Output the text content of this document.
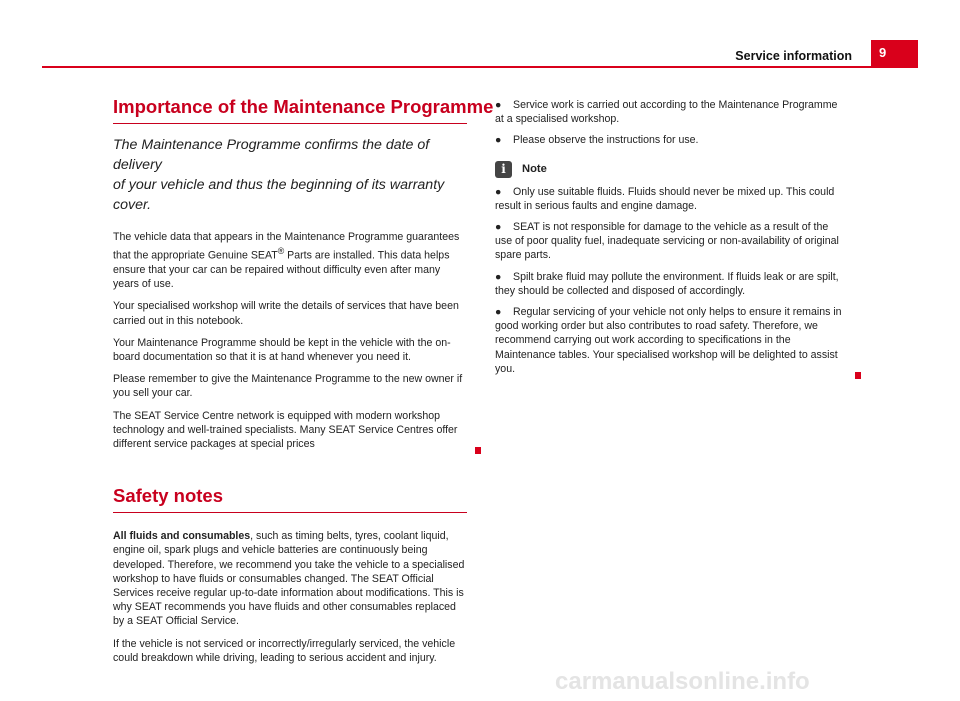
9
Service information
Importance of the Maintenance Programme
The Maintenance Programme confirms the date of delivery
of your vehicle and thus the beginning of its warranty cover.

The vehicle data that appears in the Maintenance Programme guarantees that the appropriate Genuine SEAT® Parts are installed. This data helps ensure that your car can be repaired without difficulty even after many years of use.

Your specialised workshop will write the details of services that have been carried out in this notebook.

Your Maintenance Programme should be kept in the vehicle with the on-board documentation so that it is at hand whenever you need it.

Please remember to give the Maintenance Programme to the new owner if you sell your car.

The SEAT Service Centre network is equipped with modern workshop technology and well-trained specialists. Many SEAT Service Centres offer different service packages at special prices

Safety notes

All fluids and consumables, such as timing belts, tyres, coolant liquid, engine oil, spark plugs and vehicle batteries are continuously being developed. Therefore, we recommend you take the vehicle to a specialised workshop to have fluids or consumables changed. The SEAT Official Services receive regular up-to-date information about modifications. This is why SEAT recommends you have fluids and other consumables replaced by a SEAT Official Service.

If the vehicle is not serviced or incorrectly/irregularly serviced, the vehicle could breakdown while driving, leading to serious accident and injury.

● Service work is carried out according to the Maintenance Programme at a specialised workshop.
● Please observe the instructions for use.
i	Note
● Only use suitable fluids. Fluids should never be mixed up. This could result in serious faults and engine damage.
● SEAT is not responsible for damage to the vehicle as a result of the use of poor quality fuel, inadequate servicing or non-availability of original spare parts.
● Spilt brake fluid may pollute the environment. If fluids leak or are spilt, they should be collected and disposed of accordingly.
● Regular servicing of your vehicle not only helps to ensure it remains in good working order but also contributes to road safety. Therefore, we recommend carrying out work according to specifications in the Maintenance tables. Your specialised workshop will be delighted to assist you.
carmanualsonline.info
